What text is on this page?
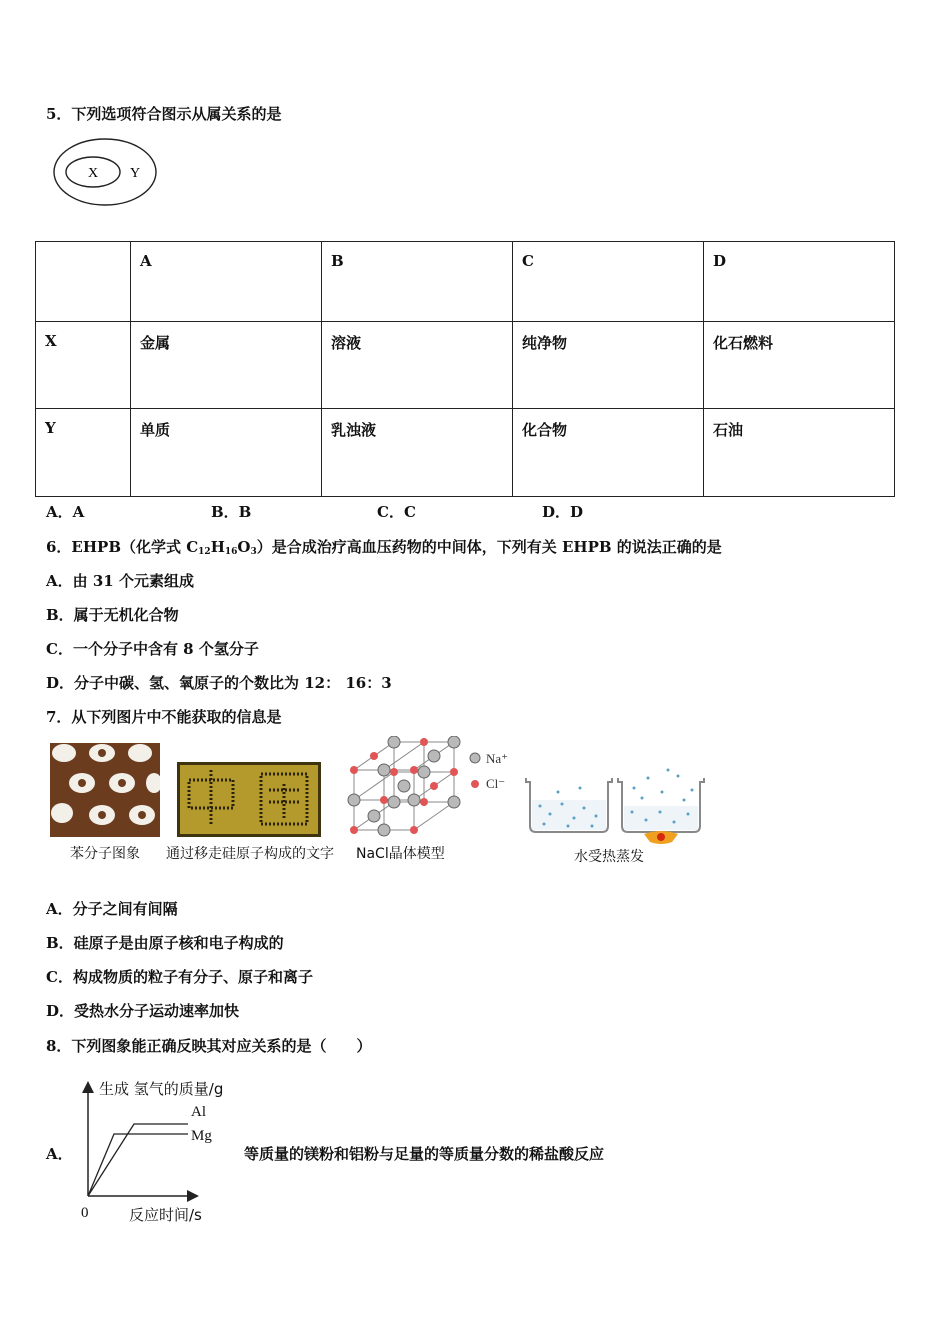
5．下列选项符合图示从属关系的是
X Y
	A	B	C	D
X	金属	溶液	纯净物	化石燃料
Y	单质	乳浊液	化合物	石油
A．A	B．B	C．C	D．D
6．EHPB（化学式 $C_{12}H_{16}O_3$）是合成治疗高血压药物的中间体，下列有关 EHPB 的说法正确的是
A．由 31 个元素组成
B．属于无机化合物
C．一个分子中含有 8 个氢分子
D．分子中碳、氢、氧原子的个数比为 12： 16：3
7．从下列图片中不能获取的信息是
苯分子图象 通过移走硅原子构成的文字
Na⁺
Cl⁻
NaCl晶体模型	水受热蒸发
A．分子之间有间隔
B．硅原子是由原子核和电子构成的
C．构成物质的粒子有分子、原子和离子
D．受热水分子运动速率加快
8．下列图象能正确反映其对应关系的是（　　）
A．
生成 氢气的质量/g
Al
Mg
0	反应时间/s
等质量的镁粉和铝粉与足量的等质量分数的稀盐酸反应
